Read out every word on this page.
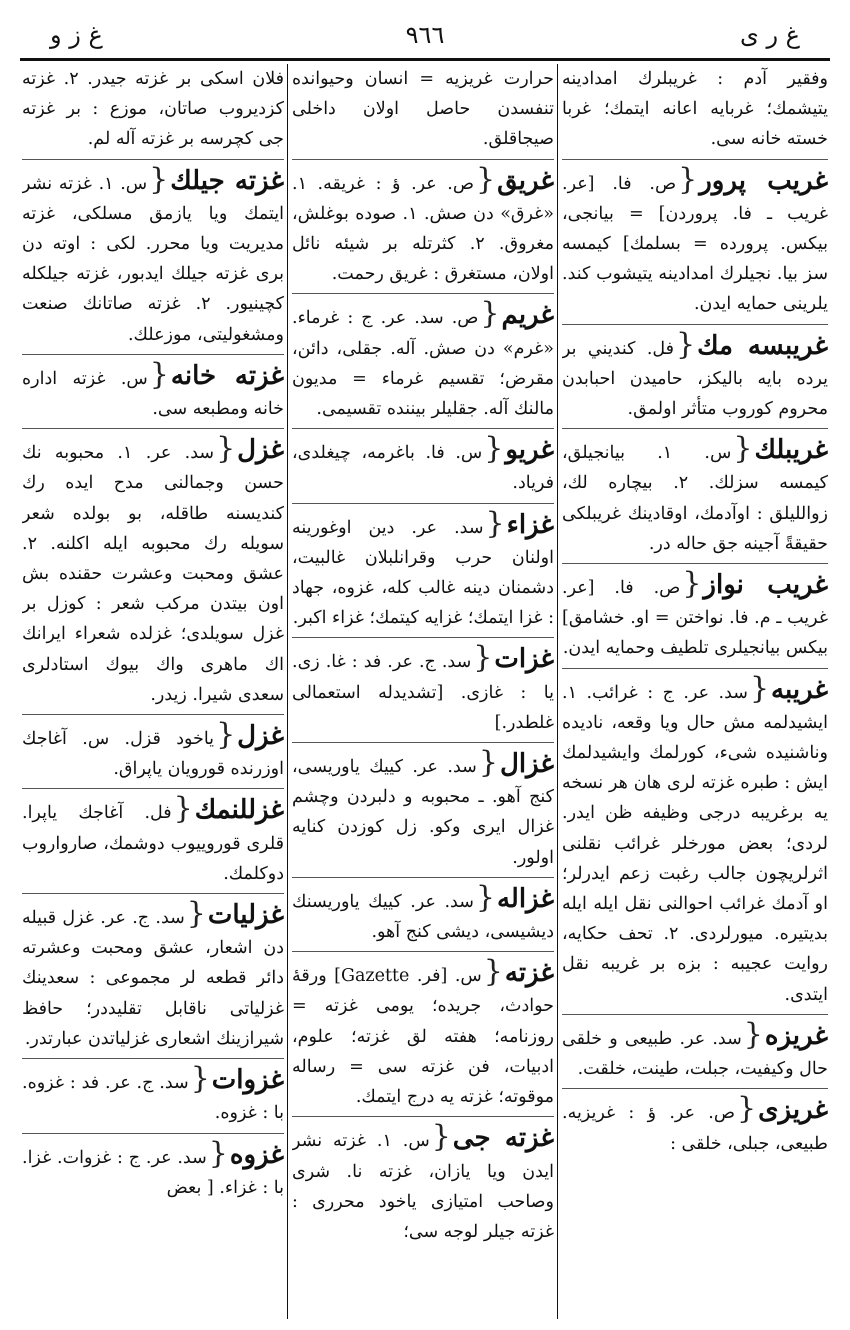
غ ر ى
٩٦٦
غ ز و
وفقير آدم : غريبلرك امدادينه يتيشمك؛ غربايه اعانه ايتمك؛ غربا خسته خانه سى.
غريب پرور{ص. فا. [عر. غريب ـ فا. پروردن] = بيانجى، بيكس. پرورده = بسلمك] كيمسه سز بيا. نجيلرك امدادينه يتيشوب كند. يلرينى حمايه ايدن.
غريبسه مك{فل. كنديني بر يرده بايه باليكز، حاميدن احبابدن محروم كوروب متأثر اولمق.
غريبلك{س. ١. بيانجيلق، كيمسه سزلك. ٢. بيچاره لك، زواللیلق : اوآدمك، اوقادينك غريبلكى حقيقةً آجينه جق حاله در.
غريب نواز{ص. فا. [عر. غريب ـ م. فا. نواختن = او. خشامق] بيكس بيانجيلرى تلطيف وحمايه ايدن.
غريبه{سد. عر. ج : غرائب. ١. ايشيدلمه مش حال ويا وقعه، نادیده وناشنیده شیء، كورلمك وايشيدلمك ايش : طبره غزته لرى هان هر نسخه يه برغريبه درجى وظيفه ظن ايدر. لردى؛ بعض مورخلر غرائب نقلنى اثرلريچون جالب رغبت زعم ايدرلر؛ او آدمك غرائب احوالنى نقل ايله ايله بديتيره. ميورلردى. ٢. تحف حكايه، روايت عجيبه : بزه بر غريبه نقل ايتدى.
غريزه{سد. عر. طبيعى و خلقى حال وكيفيت، جبلت، طينت، خلقت.
غريزى{ص. عر. ؤ : غريزيه. طبيعى، جبلى، خلقى :
حرارت غريزيه = انسان وحيوانده تنفسدن حاصل اولان داخلى صيجاقلق.
غريق{ص. عر. ؤ : غريقه. ١. «غرق» دن صش. ١. صوده بوغلش، مغروق. ٢. كثرتله بر شيئه نائل اولان، مستغرق : غريق رحمت.
غريم{ص. سد. عر. ج : غرماء. «غرم» دن صش. آله. جقلى، دائن، مقرض؛ تقسيم غرماء = مديون مالنك آله. جقليلر بيننده تقسيمى.
غريو{س. فا. باغرمه، چيغلدى، فرياد.
غزاء{سد. عر. دين اوغورينه اولنان حرب وقرانلبلان غالبيت، دشمنان دينه غالب كله، غزوه، جهاد : غزا ايتمك؛ غزايه كيتمك؛ غزاء اكبر.
غزات{سد. ج. عر. فد : غا. زى. يا : غازى. [تشديدله استعمالى غلطدر.]
غزال{سد. عر. كييك ياوريسى، كنج آهو. ـ محبوبه و دلبردن وچشم غزال ايرى وكو. زل كوزدن كنايه اولور.
غزاله{سد. عر. كييك ياوريسنك ديشيسى، ديشى كنج آهو.
غزته{س. [فر. Gazette] ورقهٔ حوادث، جريده؛ يومى غزته = روزنامه؛ هفته لق غزته؛ علوم، ادبيات، فن غزته سى = رساله موقوته؛ غزته يه درج ايتمك.
غزته جى{س. ١. غزته نشر ايدن ويا يازان، غزته نا. شرى وصاحب امتيازى ياخود محررى : غزته جيلر لوجه سى؛
فلان اسكى بر غزته جيدر. ٢. غزته كزديروب صاتان، موزع : بر غزته جى كچرسه بر غزته آله لم.
غزته جيلك{س. ١. غزته نشر ايتمك ويا يازمق مسلكى، غزته مديريت ويا محرر. لكى : اوته دن برى غزته جيلك ايدبور، غزته جيلكله كچينيور. ٢. غزته صاتانك صنعت ومشغوليتى، موزعلك.
غزته خانه{س. غزته اداره خانه ومطبعه سى.
غزل{سد. عر. ١. محبوبه نك حسن وجمالنى مدح ايده رك كنديسنه طاقله، بو بولده شعر سويله رك محبوبه ايله اكلنه. ٢. عشق ومحبت وعشرت حقنده بش اون بيتدن مركب شعر : كوزل بر غزل سويلدى؛ غزلده شعراء ايرانك اك ماهرى واك بيوك استادلرى سعدى شيرا. زيدر.
غزل{ياخود قزل. س. آغاجك اوزرنده قورويان ياپراق.
غزللنمك{فل. آغاجك ياپرا. قلرى قوروييوب دوشمك، صارواروب دوكلمك.
غزليات{سد. ج. عر. غزل قبيله دن اشعار، عشق ومحبت وعشرته دائر قطعه لر مجموعى : سعدينك غزلياتى ناقابل تقليددر؛ حافظ شيرازينك اشعارى غزلياتدن عبارتدر.
غزوات{سد. ج. عر. فد : غزوه. با : غزوه.
غزوه{سد. عر. ج : غزوات. غزا. با : غزاء. [ بعض
